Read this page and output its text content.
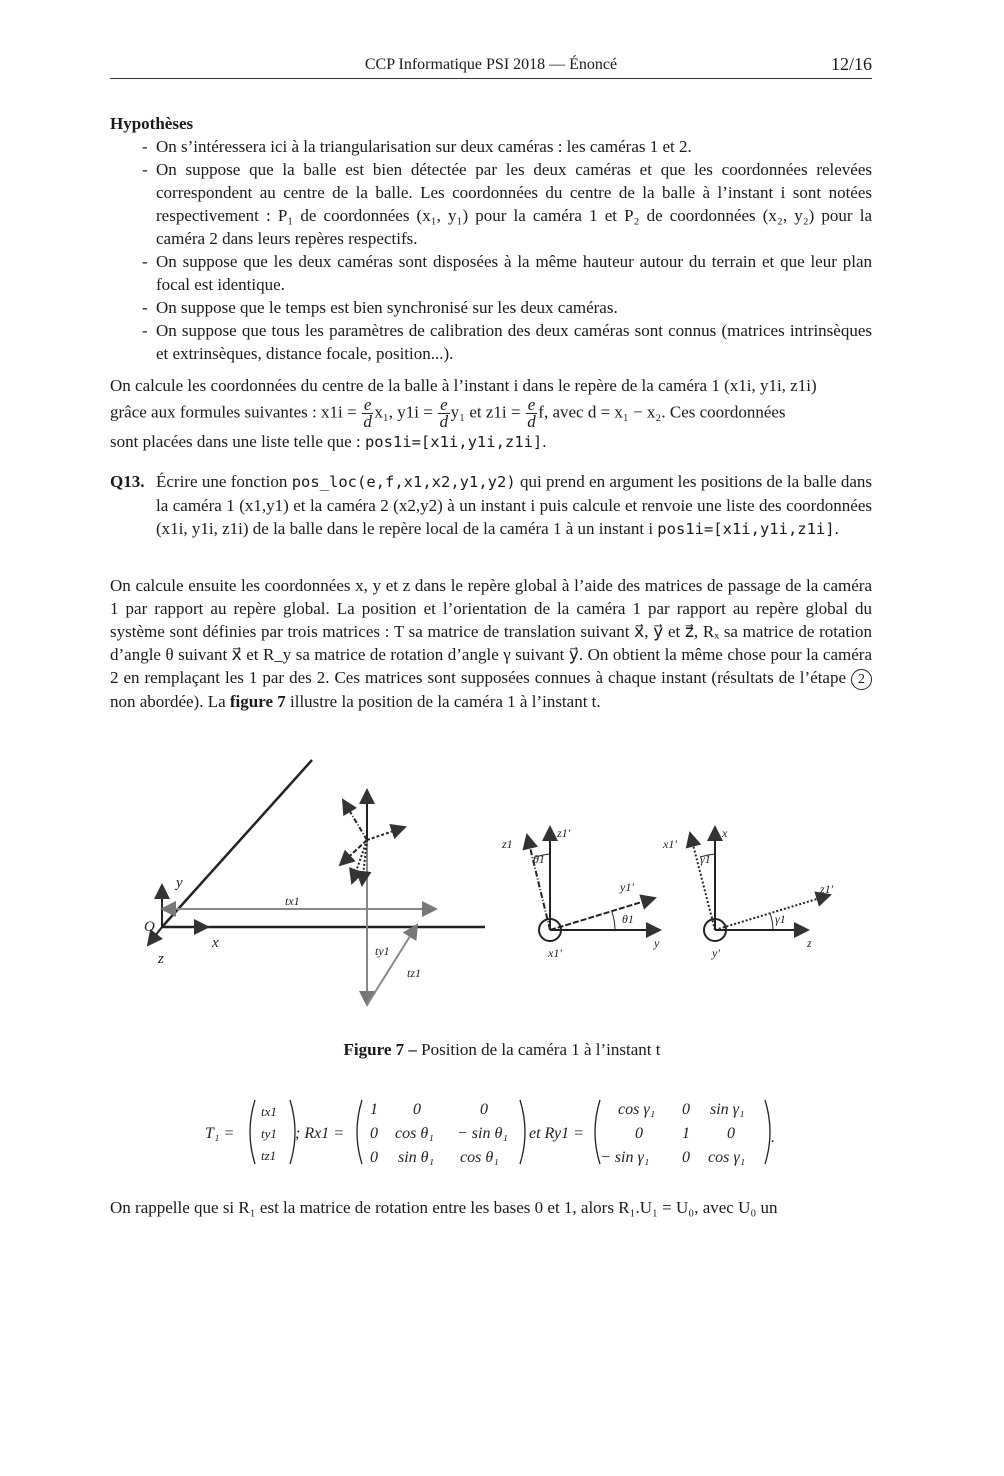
CCP Informatique PSI 2018 — Énoncé	12/16
Hypothèses
- On s’intéressera ici à la triangularisation sur deux caméras : les caméras 1 et 2.
- On suppose que la balle est bien détectée par les deux caméras et que les coordonnées relevées correspondent au centre de la balle. Les coordonnées du centre de la balle à l’instant i sont notées respectivement : P₁ de coordonnées (x₁, y₁) pour la caméra 1 et P₂ de coordonnées (x₂, y₂) pour la caméra 2 dans leurs repères respectifs.
- On suppose que les deux caméras sont disposées à la même hauteur autour du terrain et que leur plan focal est identique.
- On suppose que le temps est bien synchronisé sur les deux caméras.
- On suppose que tous les paramètres de calibration des deux caméras sont connus (matrices intrinsèques et extrinsèques, distance focale, position...).
On calcule les coordonnées du centre de la balle à l’instant i dans le repère de la caméra 1 (x1i, y1i, z1i)
grâce aux formules suivantes : $x1i = \frac{e}{d} x_1$, $y1i = \frac{e}{d} y_1$ et $z1i = \frac{e}{d} f$, avec d = x₁ − x₂. Ces coordonnées
sont placées dans une liste telle que : pos1i=[x1i,y1i,z1i].
Q13. Écrire une fonction pos_loc(e,f,x1,x2,y1,y2) qui prend en argument les positions de la balle dans la caméra 1 (x1,y1) et la caméra 2 (x2,y2) à un instant i puis calcule et renvoie une liste des coordonnées (x1i, y1i, z1i) de la balle dans le repère local de la caméra 1 à un instant i pos1i=[x1i,y1i,z1i].
On calcule ensuite les coordonnées x, y et z dans le repère global à l’aide des matrices de passage de la caméra 1 par rapport au repère global. La position et l’orientation de la caméra 1 par rapport au repère global du système sont définies par trois matrices : T sa matrice de translation suivant x⃗, y⃗ et z⃗, Rₓ sa matrice de rotation d’angle θ suivant x⃗ et R_y sa matrice de rotation d’angle γ suivant y⃗. On obtient la même chose pour la caméra 2 en remplaçant les 1 par des 2. Ces matrices sont supposées connues à chaque instant (résultats de l’étape 2 non abordée). La figure 7 illustre la position de la caméra 1 à l’instant t.
O
y
x
z
tx1
ty1
tz1
z1
z1′
θ1
y1′
θ1
y
x1′
x1′
x
γ1
z1′
γ1
z
y′
Figure 7 – Position de la caméra 1 à l’instant t
T₁ =
tx1
ty1
tz1
; Rx1 =
1 0	0
0 cos θ₁ − sin θ₁
0 sin θ₁ cos θ₁
et Ry1 =
cos γ₁ 0 sin γ₁
0 1 0
− sin γ₁ 0 cos γ₁
.
On rappelle que si R₁ est la matrice de rotation entre les bases 0 et 1, alors R₁.U₁ = U₀, avec U₀ un
